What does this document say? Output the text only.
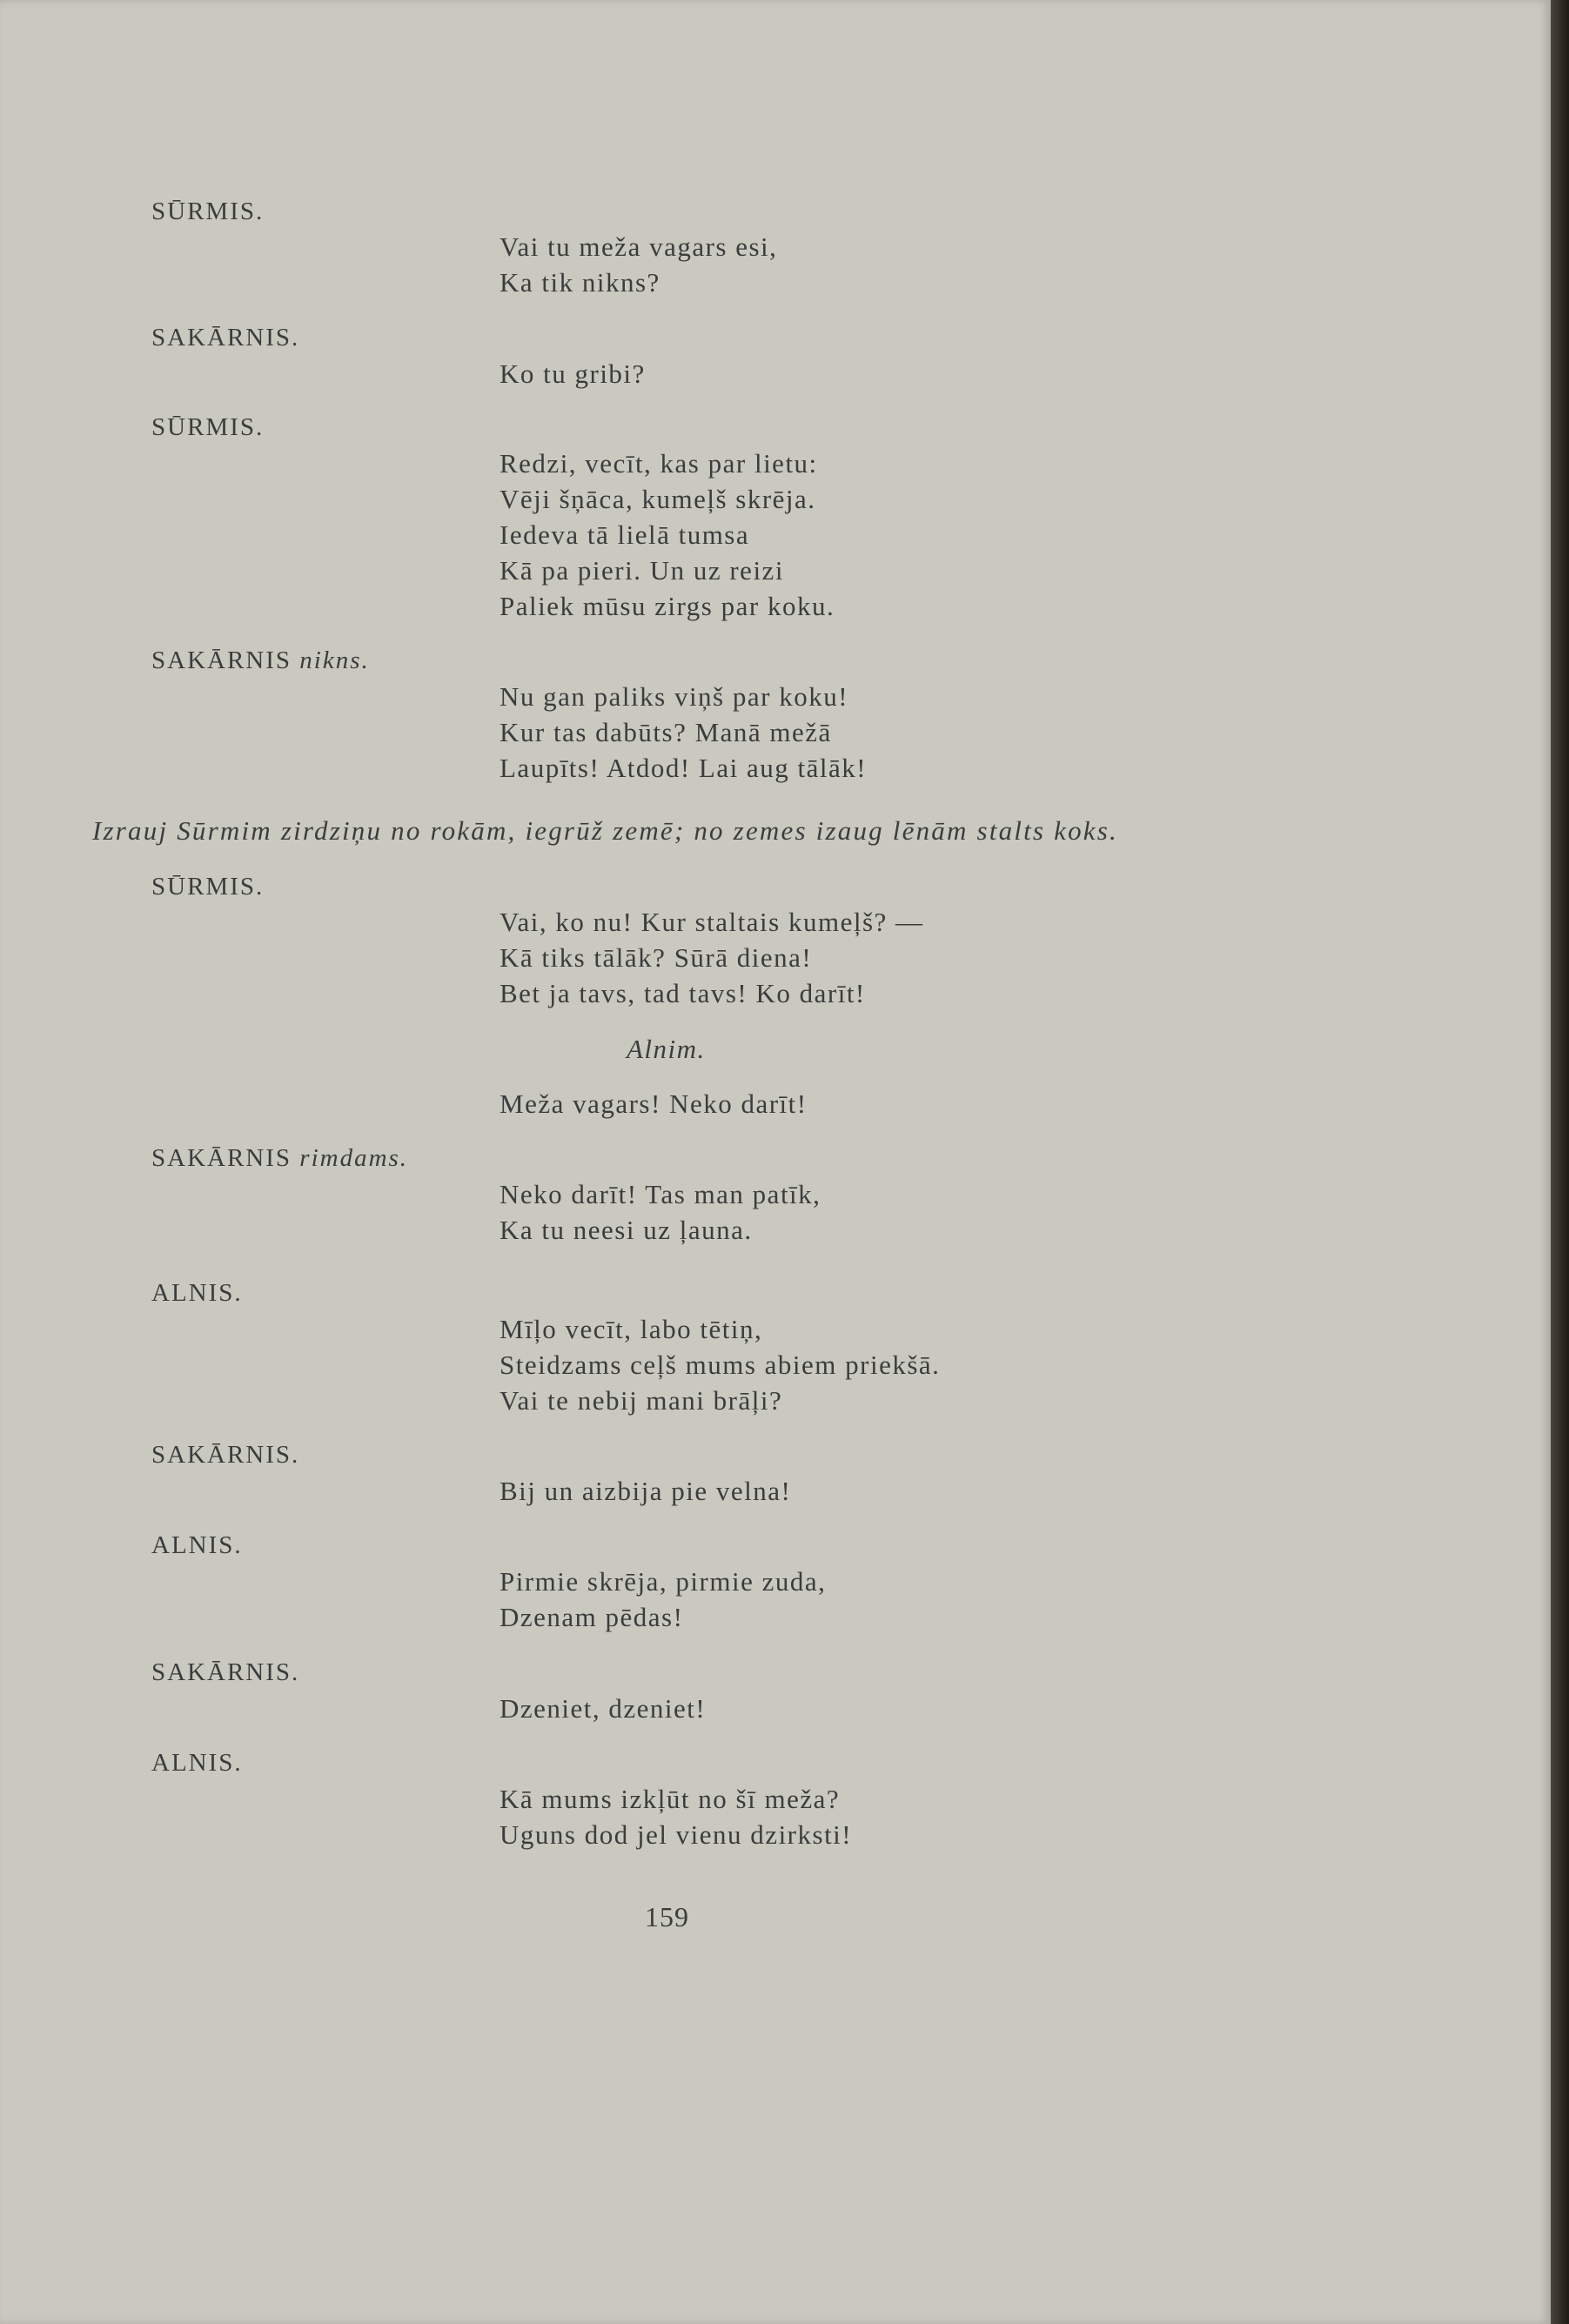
SŪRMIS.
SAKĀRNIS.
SŪRMIS.
SAKĀRNIS nikns.
SŪRMIS.
SAKĀRNIS rimdams.
ALNIS.
SAKĀRNIS.
ALNIS.
SAKĀRNIS.
ALNIS.
Vai tu meža vagars esi,
Ka tik nikns?
Ko tu gribi?
Redzi, vecīt, kas par lietu:
Vēji šņāca, kumeļš skrēja.
Iedeva tā lielā tumsa
Kā pa pieri. Un uz reizi
Paliek mūsu zirgs par koku.
Nu gan paliks viņš par koku!
Kur tas dabūts? Manā mežā
Laupīts! Atdod! Lai aug tālāk!
Izrauj Sūrmim zirdziņu no rokām, iegrūž zemē; no zemes izaug lēnām stalts koks.
Vai, ko nu! Kur staltais kumeļš? —
Kā tiks tālāk? Sūrā diena!
Bet ja tavs, tad tavs! Ko darīt!
Alnim.
Meža vagars! Neko darīt!
Neko darīt! Tas man patīk,
Ka tu neesi uz ļauna.
Mīļo vecīt, labo tētiņ,
Steidzams ceļš mums abiem priekšā.
Vai te nebij mani brāļi?
Bij un aizbija pie velna!
Pirmie skrēja, pirmie zuda,
Dzenam pēdas!
Dzeniet, dzeniet!
Kā mums izkļūt no šī meža?
Uguns dod jel vienu dzirksti!
159
